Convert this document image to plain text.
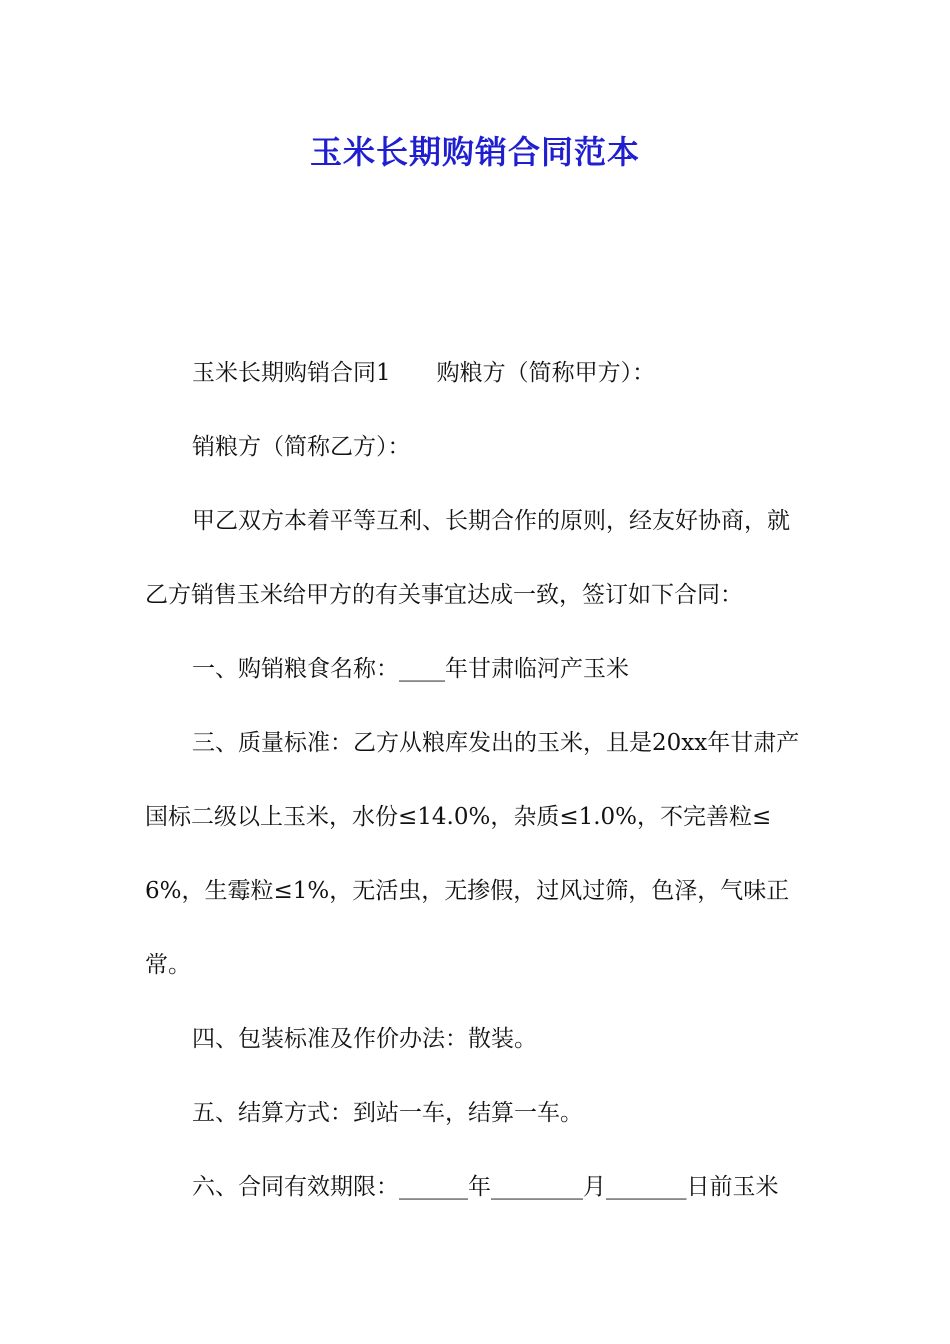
玉米长期购销合同范本

玉米长期购销合同1　　购粮方（简称甲方）：

销粮方（简称乙方）：

甲乙双方本着平等互利、长期合作的原则，经友好协商，就乙方销售玉米给甲方的有关事宜达成一致，签订如下合同：

一、购销粮食名称：____年甘肃临河产玉米

三、质量标准：乙方从粮库发出的玉米，且是20xx年甘肃产国标二级以上玉米，水份≤14.0%，杂质≤1.0%，不完善粒≤6%，生霉粒≤1%，无活虫，无掺假，过风过筛，色泽，气味正常。

四、包装标准及作价办法：散装。

五、结算方式：到站一车，结算一车。

六、合同有效期限：______年________月_______日前玉米
